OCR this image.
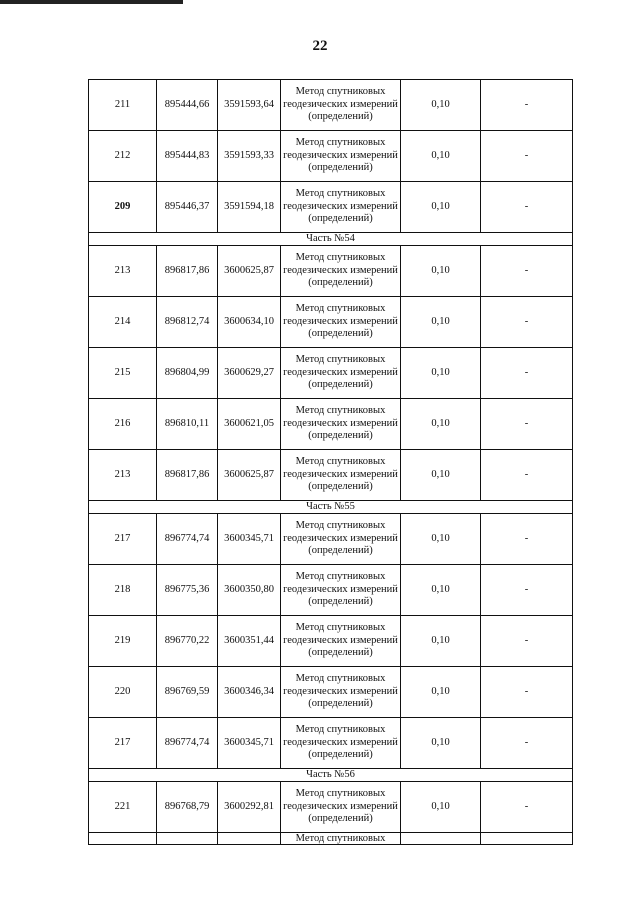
22
211	895444,66	3591593,64	Метод спутниковых геодезических измерений (определений)	0,10	-
212	895444,83	3591593,33	Метод спутниковых геодезических измерений (определений)	0,10	-
209	895446,37	3591594,18	Метод спутниковых геодезических измерений (определений)	0,10	-
Часть №54					
213	896817,86	3600625,87	Метод спутниковых геодезических измерений (определений)	0,10	-
214	896812,74	3600634,10	Метод спутниковых геодезических измерений (определений)	0,10	-
215	896804,99	3600629,27	Метод спутниковых геодезических измерений (определений)	0,10	-
216	896810,11	3600621,05	Метод спутниковых геодезических измерений (определений)	0,10	-
213	896817,86	3600625,87	Метод спутниковых геодезических измерений (определений)	0,10	-
Часть №55					
217	896774,74	3600345,71	Метод спутниковых геодезических измерений (определений)	0,10	-
218	896775,36	3600350,80	Метод спутниковых геодезических измерений (определений)	0,10	-
219	896770,22	3600351,44	Метод спутниковых геодезических измерений (определений)	0,10	-
220	896769,59	3600346,34	Метод спутниковых геодезических измерений (определений)	0,10	-
217	896774,74	3600345,71	Метод спутниковых геодезических измерений (определений)	0,10	-
Часть №56					
221	896768,79	3600292,81	Метод спутниковых геодезических измерений (определений)	0,10	-

			Метод спутниковых		
